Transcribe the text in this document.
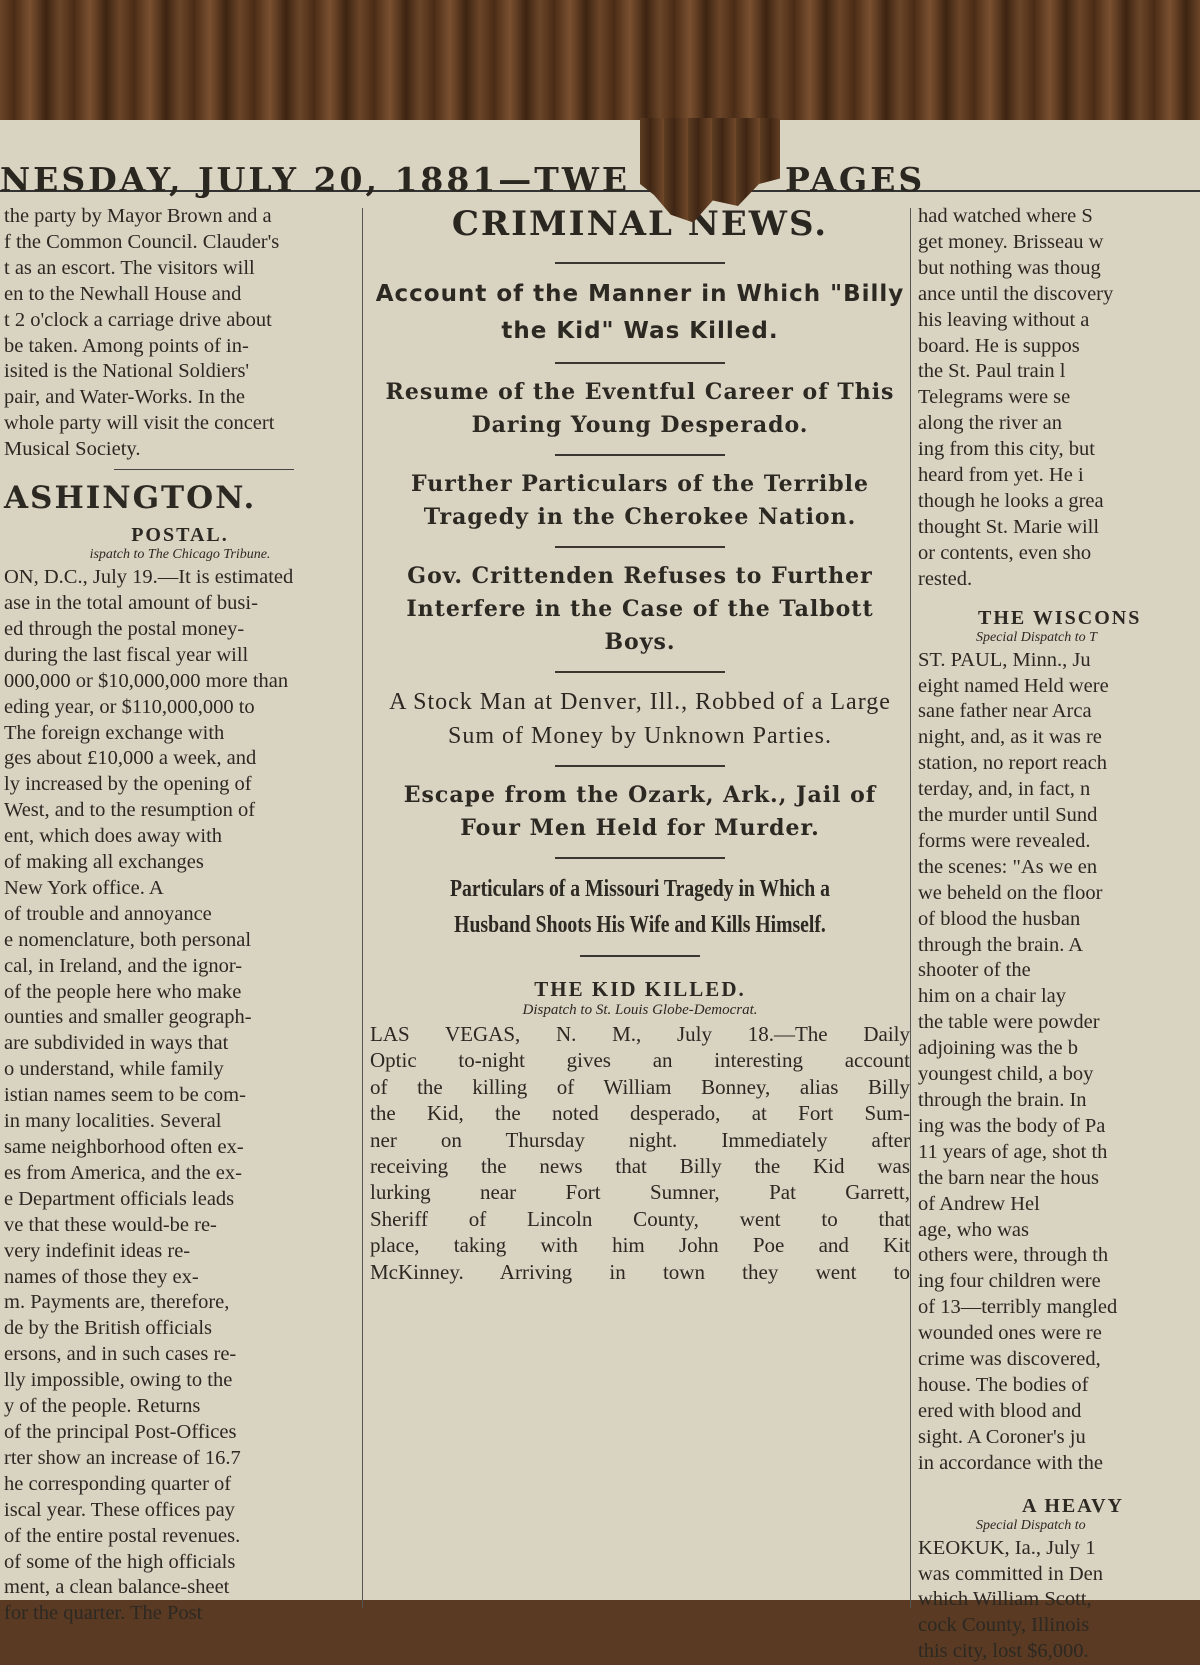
NESDAY, JULY 20, 1881—TWE	PAGES
the party by Mayor Brown and a
f the Common Council. Clauder's
t as an escort. The visitors will
en to the Newhall House and
t 2 o'clock a carriage drive about
be taken. Among points of in-
isited is the National Soldiers'
pair, and Water-Works. In the
whole party will visit the concert
Musical Society.
ASHINGTON.
POSTAL.
ispatch to The Chicago Tribune.
ON, D.C., July 19.—It is estimated
ase in the total amount of busi-
ed through the postal money-
during the last fiscal year will
000,000 or $10,000,000 more than
eding year, or $110,000,000 to
The foreign exchange with
ges about £10,000 a week, and
ly increased by the opening of
West, and to the resumption of
ent, which does away with
of making all exchanges
New York office. A
of trouble and annoyance
e nomenclature, both personal
cal, in Ireland, and the ignor-
of the people here who make
ounties and smaller geograph-
are subdivided in ways that
o understand, while family
istian names seem to be com-
in many localities. Several
same neighborhood often ex-
es from America, and the ex-
e Department officials leads
ve that these would-be re-
very indefinit ideas re-
names of those they ex-
m. Payments are, therefore,
de by the British officials
ersons, and in such cases re-
lly impossible, owing to the
y of the people. Returns
of the principal Post-Offices
rter show an increase of 16.7
he corresponding quarter of
iscal year. These offices pay
of the entire postal revenues.
of some of the high officials
ment, a clean balance-sheet
for the quarter. The Post
CRIMINAL NEWS.
Account of the Manner in Which "Billy the Kid" Was Killed.
Resume of the Eventful Career of This Daring Young Desperado.
Further Particulars of the Terrible Tragedy in the Cherokee Nation.
Gov. Crittenden Refuses to Further Interfere in the Case of the Talbott Boys.
A Stock Man at Denver, Ill., Robbed of a Large Sum of Money by Unknown Parties.
Escape from the Ozark, Ark., Jail of Four Men Held for Murder.
Particulars of a Missouri Tragedy in Which a Husband Shoots His Wife and Kills Himself.
THE KID KILLED.
Dispatch to St. Louis Globe-Democrat.
LAS VEGAS, N. M., July 18.—The Daily
Optic to-night gives an interesting account
of the killing of William Bonney, alias Billy
the Kid, the noted desperado, at Fort Sum-
ner on Thursday night. Immediately after
receiving the news that Billy the Kid was
lurking near Fort Sumner, Pat Garrett,
Sheriff of Lincoln County, went to that
place, taking with him John Poe and Kit
McKinney. Arriving in town they went to
had watched where S
get money. Brisseau w
but nothing was thoug
ance until the discovery
his leaving without a
board. He is suppos
the St. Paul train l
Telegrams were se
along the river an
ing from this city, but
heard from yet. He i
though he looks a grea
thought St. Marie will
or contents, even sho
rested.
THE WISCONS
Special Dispatch to T
ST. PAUL, Minn., Ju
eight named Held were
sane father near Arca
night, and, as it was re
station, no report reach
terday, and, in fact, n
the murder until Sund
forms were revealed.
the scenes: "As we en
we beheld on the floor
of blood the husban
through the brain. A
shooter of the
him on a chair lay
the table were powder
adjoining was the b
youngest child, a boy
through the brain. In
ing was the body of Pa
11 years of age, shot th
the barn near the hous
of Andrew Hel
age, who was
others were, through th
ing four children were
of 13—terribly mangled
wounded ones were re
crime was discovered,
house. The bodies of
ered with blood and
sight. A Coroner's ju
in accordance with the
A HEAVY
Special Dispatch to
KEOKUK, Ia., July 1
was committed in Den
which William Scott,
cock County, Illinois
this city, lost $6,000.
